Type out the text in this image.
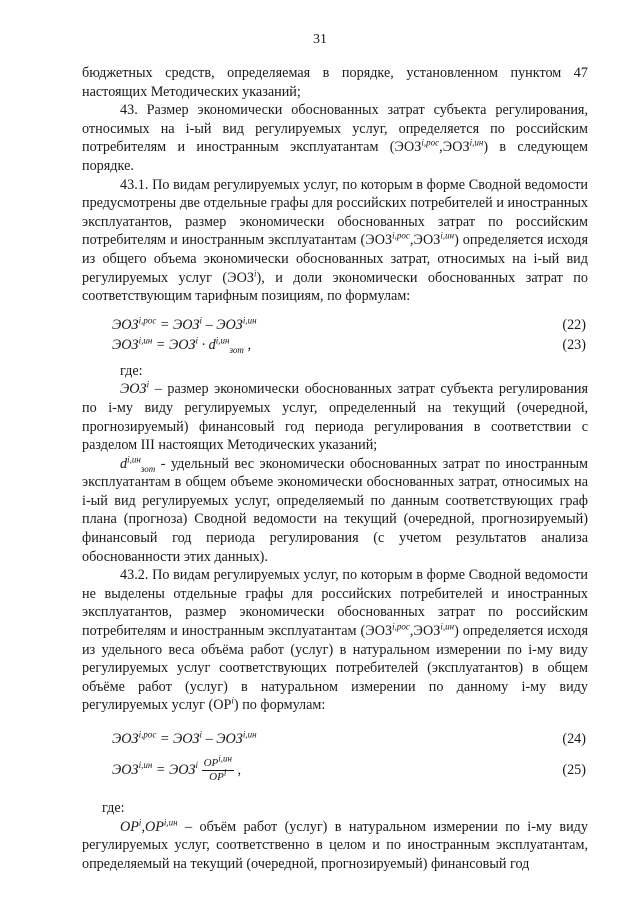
31

бюджетных средств, определяемая в порядке, установленном пунктом 47 настоящих Методических указаний;

43. Размер экономически обоснованных затрат субъекта регулирования, относимых на i-ый вид регулируемых услуг, определяется по российским потребителям и иностранным эксплуатантам $(ЭОЗ^{i,рос},ЭОЗ^{i,ин})$ в следующем порядке.

43.1. По видам регулируемых услуг, по которым в форме Сводной ведомости предусмотрены две отдельные графы для российских потребителей и иностранных эксплуатантов, размер экономически обоснованных затрат по российским потребителям и иностранным эксплуатантам $(ЭОЗ^{i,рос},ЭОЗ^{i,ин})$ определяется исходя из общего объема экономически обоснованных затрат, относимых на i-ый вид регулируемых услуг (ЭОЗ$^i$), и доли экономически обоснованных затрат по соответствующим тарифным позициям, по формулам:

$ЭОЗ^{i,рос} = ЭОЗ^i - ЭОЗ^{i,ин}$	(22)
$ЭОЗ^{i,ин} = ЭОЗ^i \cdot d^{i,ин}_{зот}$ ,	(23)

где:

ЭОЗ$^i$ – размер экономически обоснованных затрат субъекта регулирования по i-му виду регулируемых услуг, определенный на текущий (очередной, прогнозируемый) финансовый год периода регулирования в соответствии с разделом III настоящих Методических указаний;

$d^{i,ин}_{зот}$ - удельный вес экономически обоснованных затрат по иностранным эксплуатантам в общем объеме экономически обоснованных затрат, относимых на i-ый вид регулируемых услуг, определяемый по данным соответствующих граф плана (прогноза) Сводной ведомости на текущий (очередной, прогнозируемый) финансовый год периода регулирования (с учетом результатов анализа обоснованности этих данных).

43.2. По видам регулируемых услуг, по которым в форме Сводной ведомости не выделены отдельные графы для российских потребителей и иностранных эксплуатантов, размер экономически обоснованных затрат по российским потребителям и иностранным эксплуатантам $(ЭОЗ^{i,рос},ЭОЗ^{i,ин})$ определяется исходя из удельного веса объёма работ (услуг) в натуральном измерении по i-му виду регулируемых услуг соответствующих потребителей (эксплуатантов) в общем объёме работ (услуг) в натуральном измерении по данному i-му виду регулируемых услуг $(ОР^i)$ по формулам:

$ЭОЗ^{i,рос} = ЭОЗ^i - ЭОЗ^{i,ин}$	(24)
$ЭОЗ^{i,ин} = ЭОЗ^i \frac{ОР^{i,ин}}{ОР^i}$ ,	(25)

где:

$ОР^i,ОР^{i,ин}$ – объём работ (услуг) в натуральном измерении по i-му виду регулируемых услуг, соответственно в целом и по иностранным эксплуатантам, определяемый на текущий (очередной, прогнозируемый) финансовый год
